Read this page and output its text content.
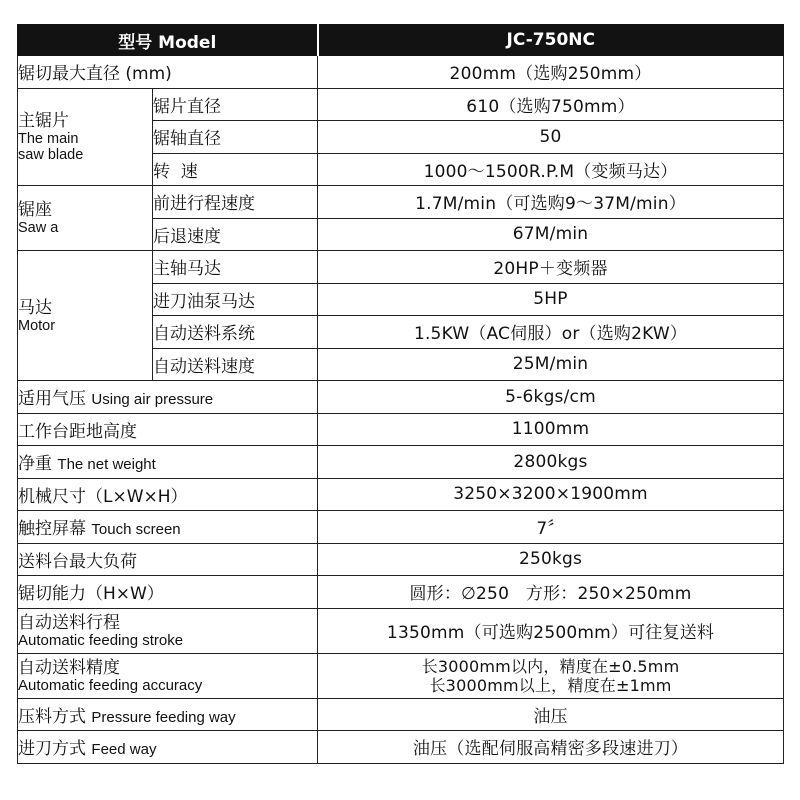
型号 Model		JC-750NC
锯切最大直径 (mm)		200mm（选购250mm）

主锯片
The main
saw blade	锯片直径	610（选购750mm）
	锯轴直径	50
	转  速	1000～1500R.P.M（变频马达）

锯座
Saw a	前进行程速度	1.7M/min（可选购9～37M/min）
	后退速度	67M/min

马达
Motor	主轴马达	20HP＋变频器
	进刀油泵马达	5HP
	自动送料系统	1.5KW（AC伺服）or（选购2KW）
	自动送料速度	25M/min
适用气压 Using air pressure		5-6kgs/cm
工作台距地高度		1100mm
净重 The net weight		2800kgs
机械尺寸（L×W×H）		3250×3200×1900mm
触控屏幕 Touch screen		7〞
送料台最大负荷		250kgs
锯切能力（H×W）		圆形：∅250   方形：250×250mm

自动送料行程
Automatic feeding stroke		1350mm（可选购2500mm）可往复送料

自动送料精度
Automatic feeding accuracy		长3000mm以内，精度在±0.5mm
长3000mm以上，精度在±1mm

压料方式 Pressure feeding way		油压
进刀方式 Feed way		油压（选配伺服高精密多段速进刀）
